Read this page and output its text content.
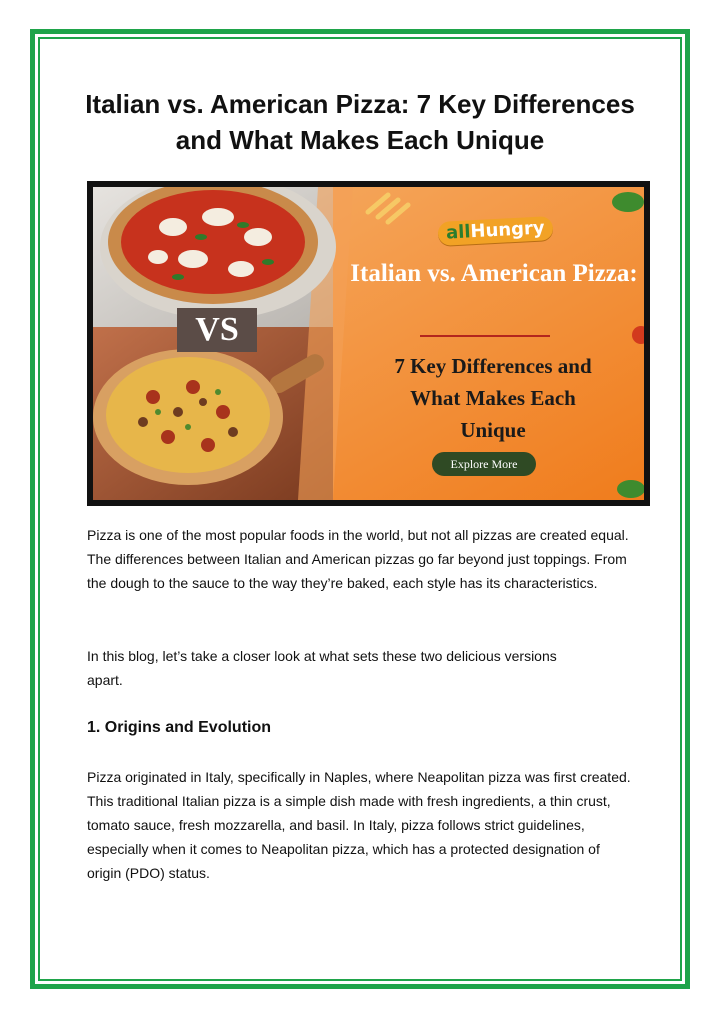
Italian vs. American Pizza: 7 Key Differences and What Makes Each Unique
VS
allHungry
Italian vs. American Pizza:
7 Key Differences and What Makes Each Unique
Explore More

Pizza is one of the most popular foods in the world, but not all pizzas are created equal. The differences between Italian and American pizzas go far beyond just toppings. From the dough to the sauce to the way they’re baked, each style has its characteristics.

In this blog, let’s take a closer look at what sets these two delicious versions apart.

1. Origins and Evolution

Pizza originated in Italy, specifically in Naples, where Neapolitan pizza was first created. This traditional Italian pizza is a simple dish made with fresh ingredients, a thin crust, tomato sauce, fresh mozzarella, and basil. In Italy, pizza follows strict guidelines, especially when it comes to Neapolitan pizza, which has a protected designation of origin (PDO) status.
